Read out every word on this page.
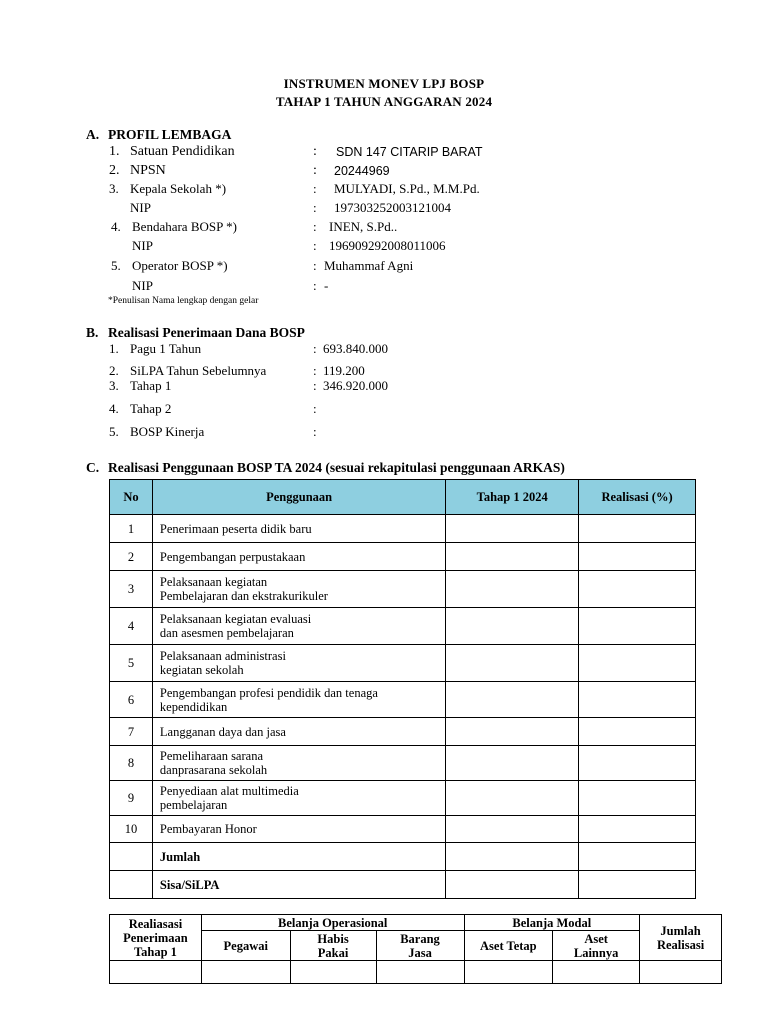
INSTRUMEN MONEV LPJ BOSP
TAHAP 1 TAHUN ANGGARAN 2024
A. PROFIL LEMBAGA
1. Satuan Pendidikan	: SDN 147 CITARIP BARAT
2. NPSN	: 20244969
3. Kepala Sekolah *)	: MULYADI, S.Pd., M.M.Pd.
NIP	: 197303252003121004
4. Bendahara BOSP *)	: INEN, S.Pd..
NIP	: 196909292008011006
5. Operator BOSP *)	: Muhammaf Agni
NIP	: -
*Penulisan Nama lengkap dengan gelar
B. Realisasi Penerimaan Dana BOSP
1. Pagu 1 Tahun	: 693.840.000
2. SiLPA Tahun Sebelumnya	: 119.200
3. Tahap 1	: 346.920.000
4. Tahap 2	:
5. BOSP Kinerja	:
C. Realisasi Penggunaan BOSP TA 2024 (sesuai rekapitulasi penggunaan ARKAS)
No	Penggunaan	Tahap 1 2024	Realisasi (%)
1	Penerimaan peserta didik baru		

2	Pengembangan perpustakaan		

3	Pelaksanaan kegiatan
Pembelajaran dan ekstrakurikuler		

4	Pelaksanaan kegiatan evaluasi
dan asesmen pembelajaran		

5	Pelaksanaan administrasi
kegiatan sekolah		

6	Pengembangan profesi pendidik dan tenaga
kependidikan		

7	Langganan daya dan jasa		

8	Pemeliharaan sarana
danprasarana sekolah		

9	Penyediaan alat multimedia
pembelajaran		

10	Pembayaran Honor		

	Jumlah		
	Sisa/SiLPA		
Realiasasi Penerimaan Tahap 1	Belanja Operasional			Belanja Modal		Jumlah Realisasi
	Pegawai	Habis Pakai	Barang Jasa	Aset Tetap	Aset Lainnya	
